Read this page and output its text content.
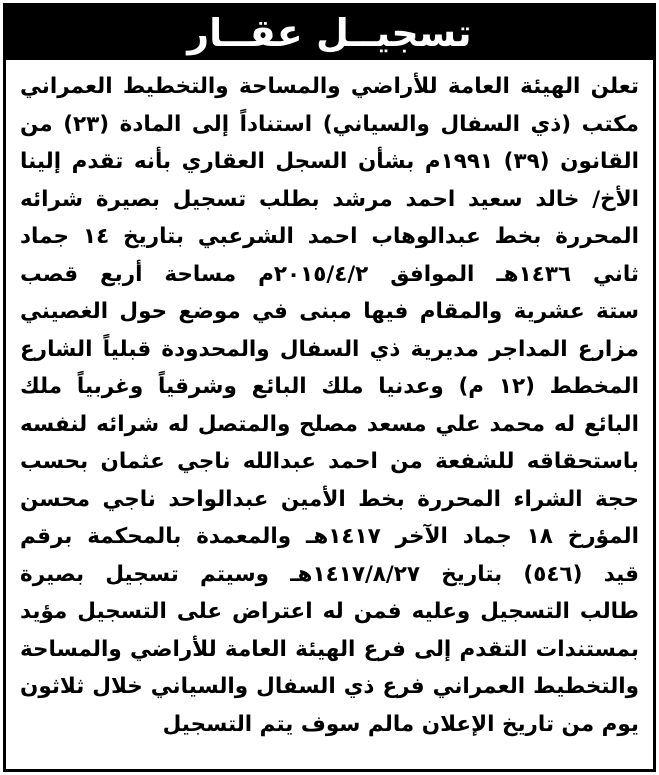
تسجيــل عقــار
تعلن الهيئة العامة للأراضي والمساحة والتخطيط العمراني
مكتب (ذي السفال والسياني) استناداً إلى المادة (٢٣) من
القانون (٣٩) ١٩٩١م بشأن السجل العقاري بأنه تقدم إلينا
الأخ/ خالد سعيد احمد مرشد بطلب تسجيل بصيرة شرائه
المحررة بخط عبدالوهاب احمد الشرعبي بتاريخ ١٤ جماد
ثاني ١٤٣٦هـ الموافق ٢٠١٥/٤/٢م مساحة أربع قصب
ستة عشرية والمقام فيها مبنى في موضع حول الغصيني
مزارع المداجر مديرية ذي السفال والمحدودة قبلياً الشارع
المخطط (١٢ م) وعدنيا ملك البائع وشرقياً وغربياً ملك
البائع له محمد علي مسعد مصلح والمتصل له شرائه لنفسه
باستحقاقه للشفعة من احمد عبدالله ناجي عثمان بحسب
حجة الشراء المحررة بخط الأمين عبدالواحد ناجي محسن
المؤرخ ١٨ جماد الآخر ١٤١٧هـ والمعمدة بالمحكمة برقم
قيد (٥٤٦) بتاريخ ١٤١٧/٨/٢٧هـ وسيتم تسجيل بصيرة
طالب التسجيل وعليه فمن له اعتراض على التسجيل مؤيد
بمستندات التقدم إلى فرع الهيئة العامة للأراضي والمساحة
والتخطيط العمراني فرع ذي السفال والسياني خلال ثلاثون
يوم من تاريخ الإعلان مالم سوف يتم التسجيل
